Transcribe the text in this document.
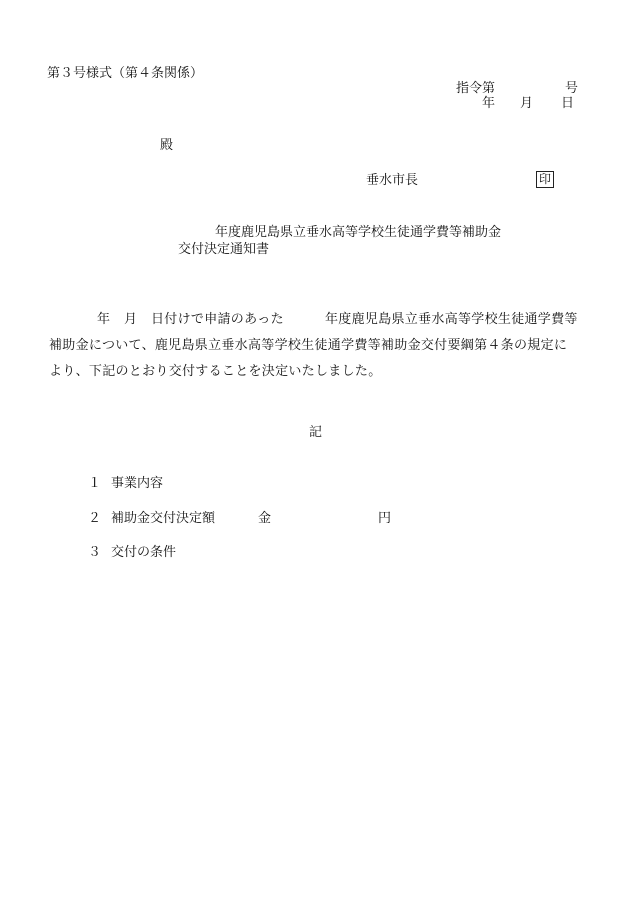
第３号様式（第４条関係）
指令第	号
年 月 日
殿
垂水市長	印
年度鹿児島県立垂水高等学校生徒通学費等補助金
交付決定通知書
年 月 日付けで申請のあった	年度鹿児島県立垂水高等学校生徒通学費等
補助金について、鹿児島県立垂水高等学校生徒通学費等補助金交付要綱第４条の規定に
より、下記のとおり交付することを決定いたしました。
記
１ 事業内容
２ 補助金交付決定額	金	円
３ 交付の条件
